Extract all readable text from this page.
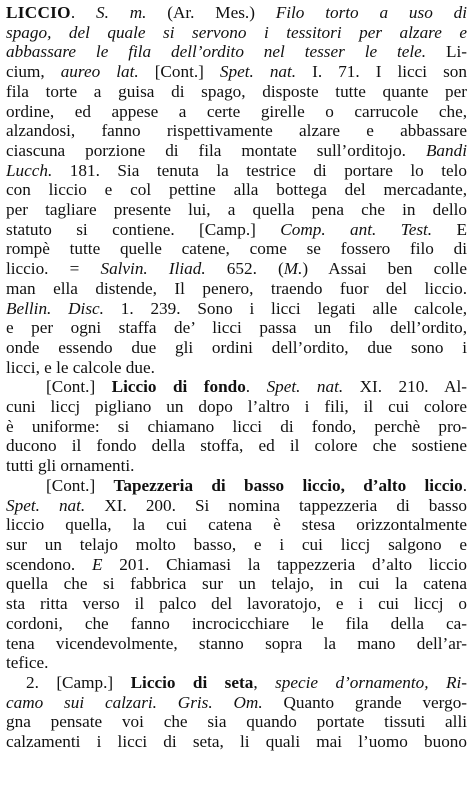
LICCIO. S. m. (Ar. Mes.) Filo torto a uso di
spago, del quale si servono i tessitori per alzare e
abbassare le fila dell’ordito nel tesser le tele. Li-
cium, aureo lat. [Cont.] Spet. nat. I. 71. I licci son
fila torte a guisa di spago, disposte tutte quante per
ordine, ed appese a certe girelle o carrucole che,
alzandosi, fanno rispettivamente alzare e abbassare
ciascuna porzione di fila montate sull’orditojo. Bandi
Lucch. 181. Sia tenuta la testrice di portare lo telo
con liccio e col pettine alla bottega del mercadante,
per tagliare presente lui, a quella pena che in dello
statuto si contiene. [Camp.] Comp. ant. Test. E
rompè tutte quelle catene, come se fossero filo di
liccio. = Salvin. Iliad. 652. (M.) Assai ben colle
man ella distende, Il penero, traendo fuor del liccio.
Bellin. Disc. 1. 239. Sono i licci legati alle calcole,
e per ogni staffa de’ licci passa un filo dell’ordito,
onde essendo due gli ordini dell’ordito, due sono i
licci, e le calcole due.
[Cont.] Liccio di fondo. Spet. nat. XI. 210. Al-
cuni liccj pigliano un dopo l’altro i fili, il cui colore
è uniforme: si chiamano licci di fondo, perchè pro-
ducono il fondo della stoffa, ed il colore che sostiene
tutti gli ornamenti.
[Cont.] Tapezzeria di basso liccio, d’alto liccio.
Spet. nat. XI. 200. Si nomina tappezzeria di basso
liccio quella, la cui catena è stesa orizzontalmente
sur un telajo molto basso, e i cui liccj salgono e
scendono. E 201. Chiamasi la tappezzeria d’alto liccio
quella che si fabbrica sur un telajo, in cui la catena
sta ritta verso il palco del lavoratojo, e i cui liccj o
cordoni, che fanno incrocicchiare le fila della ca-
tena vicendevolmente, stanno sopra la mano dell’ar-
tefice.
2. [Camp.] Liccio di seta, specie d’ornamento, Ri-
camo sui calzari. Gris. Om. Quanto grande vergo-
gna pensate voi che sia quando portate tissuti alli
calzamenti i licci di seta, li quali mai l’uomo buono
